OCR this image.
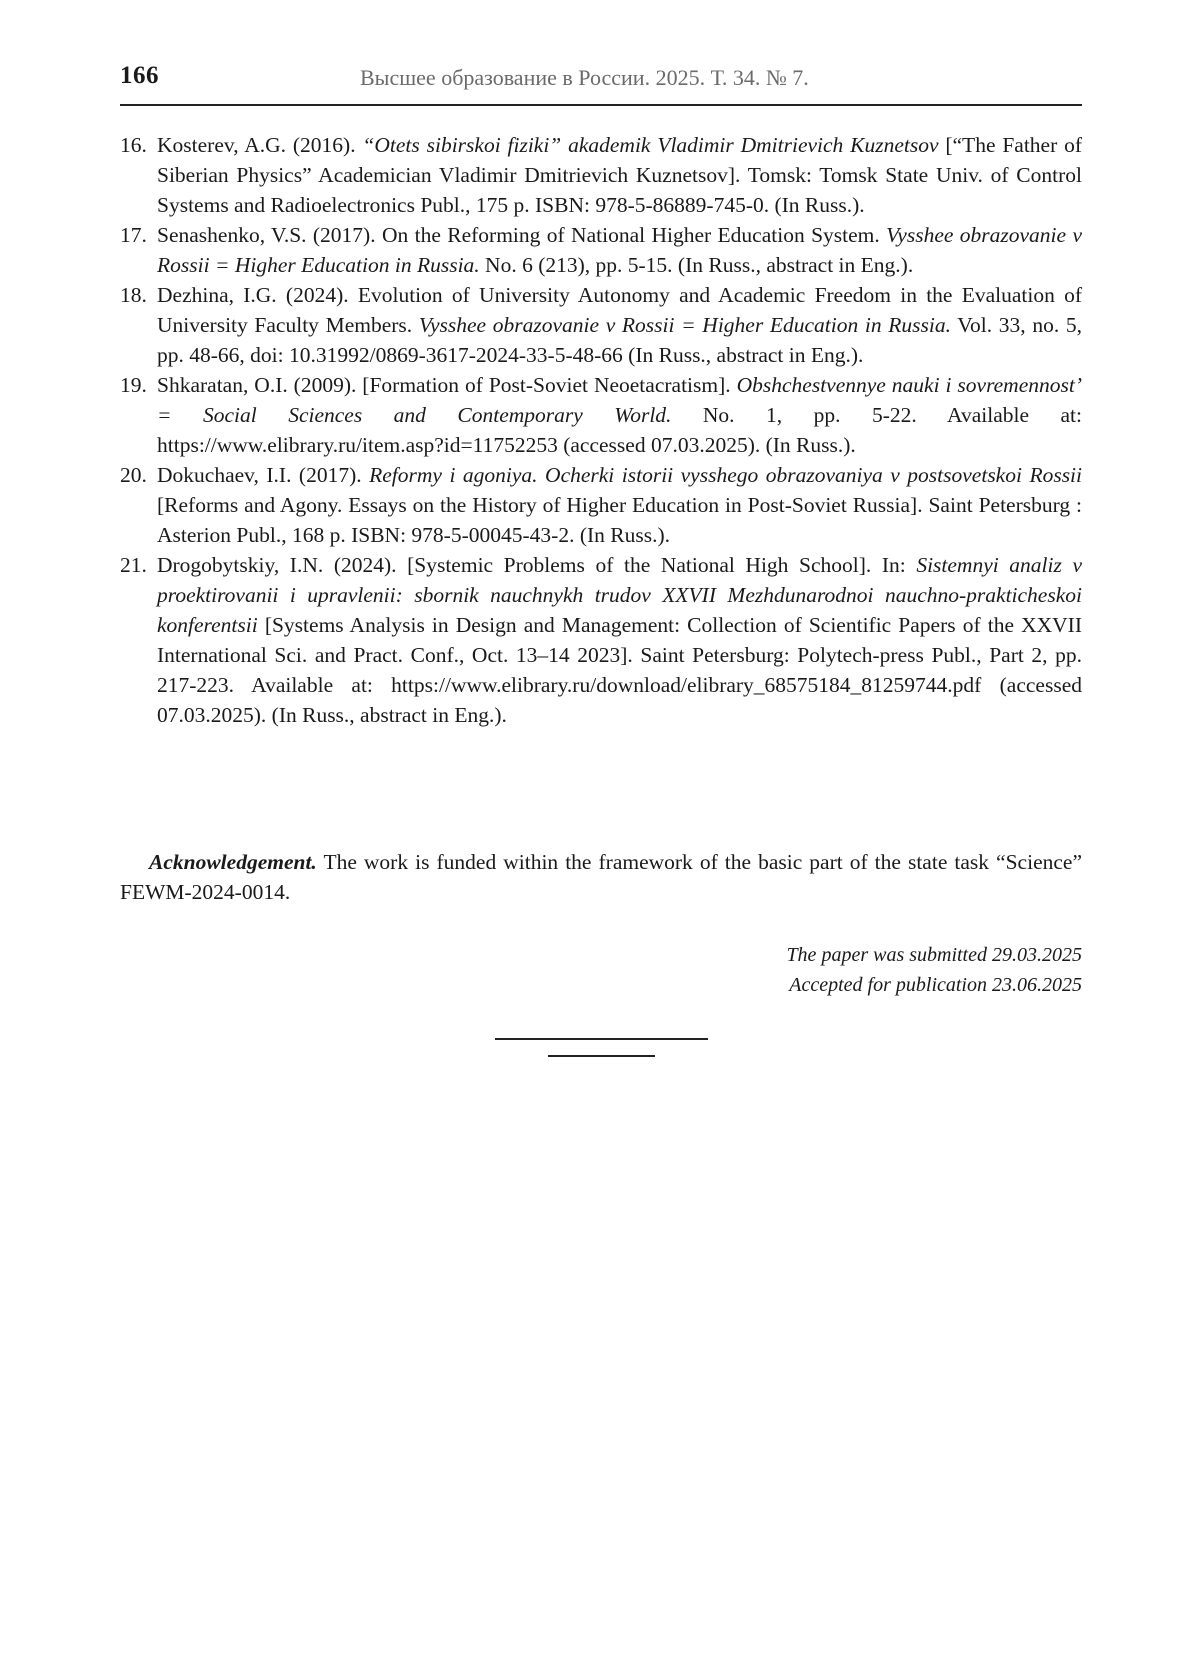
166	Высшее образование в России. 2025. Т. 34. № 7.
16. Kosterev, A.G. (2016). “Otets sibirskoi fiziki” akademik Vladimir Dmitrievich Kuznetsov [“The Father of Siberian Physics” Academician Vladimir Dmitrievich Kuznetsov]. Tomsk: Tomsk State Univ. of Control Systems and Radioelectronics Publ., 175 p. ISBN: 978-5-86889-745-0. (In Russ.).
17. Senashenko, V.S. (2017). On the Reforming of National Higher Education System. Vysshee obrazovanie v Rossii = Higher Education in Russia. No. 6 (213), pp. 5-15. (In Russ., abstract in Eng.).
18. Dezhina, I.G. (2024). Evolution of University Autonomy and Academic Freedom in the Evaluation of University Faculty Members. Vysshee obrazovanie v Rossii = Higher Education in Russia. Vol. 33, no. 5, pp. 48-66, doi: 10.31992/0869-3617-2024-33-5-48-66 (In Russ., abstract in Eng.).
19. Shkaratan, O.I. (2009). [Formation of Post-Soviet Neoetacratism]. Obshchestvennye nauki i sovremennost’ = Social Sciences and Contemporary World. No. 1, pp. 5-22. Available at: https://www.elibrary.ru/item.asp?id=11752253 (accessed 07.03.2025). (In Russ.).
20. Dokuchaev, I.I. (2017). Reformy i agoniya. Ocherki istorii vysshego obrazovaniya v postsovetskoi Rossii [Reforms and Agony. Essays on the History of Higher Education in Post-Soviet Russia]. Saint Petersburg : Asterion Publ., 168 p. ISBN: 978-5-00045-43-2. (In Russ.).
21. Drogobytskiy, I.N. (2024). [Systemic Problems of the National High School]. In: Sistemnyi analiz v proektirovanii i upravlenii: sbornik nauchnykh trudov XXVII Mezhdunarodnoi nauchno-prakticheskoi konferentsii [Systems Analysis in Design and Management: Collection of Scientific Papers of the XXVII International Sci. and Pract. Conf., Oct. 13–14 2023]. Saint Petersburg: Polytech-press Publ., Part 2, pp. 217-223. Available at: https://www.elibrary.ru/download/elibrary_68575184_81259744.pdf (accessed 07.03.2025). (In Russ., abstract in Eng.).

Acknowledgement. The work is funded within the framework of the basic part of the state task “Science” FEWM-2024-0014.

The paper was submitted 29.03.2025
Accepted for publication 23.06.2025
